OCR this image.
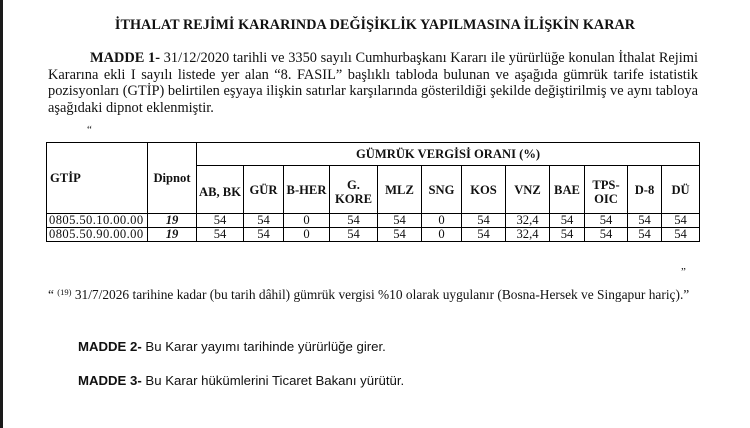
İTHALAT REJİMİ KARARINDA DEĞİŞİKLİK YAPILMASINA İLİŞKİN KARAR
MADDE 1- 31/12/2020 tarihli ve 3350 sayılı Cumhurbaşkanı Kararı ile yürürlüğe konulan İthalat Rejimi Kararına ekli I sayılı listede yer alan “8. FASIL” başlıklı tabloda bulunan ve aşağıda gümrük tarife istatistik pozisyonları (GTİP) belirtilen eşyaya ilişkin satırlar karşılarında gösterildiği şekilde değiştirilmiş ve aynı tabloya aşağıdaki dipnot eklenmiştir.
“
GTİP	Dipnot	GÜMRÜK VERGİSİ ORANI (%)											
		AB, BK	GÜR	B-HER	G. KORE	MLZ	SNG	KOS	VNZ	BAE	TPS-OIC	D-8	DÜ
0805.50.10.00.00	19	54	54	0	54	54	0	54	32,4	54	54	54	54
0805.50.90.00.00	19	54	54	0	54	54	0	54	32,4	54	54	54	54
”
“ $^{(19)}$ 31/7/2026 tarihine kadar (bu tarih dâhil) gümrük vergisi %10 olarak uygulanır (Bosna-Hersek ve Singapur hariç).”
MADDE 2- Bu Karar yayımı tarihinde yürürlüğe girer.
MADDE 3- Bu Karar hükümlerini Ticaret Bakanı yürütür.
